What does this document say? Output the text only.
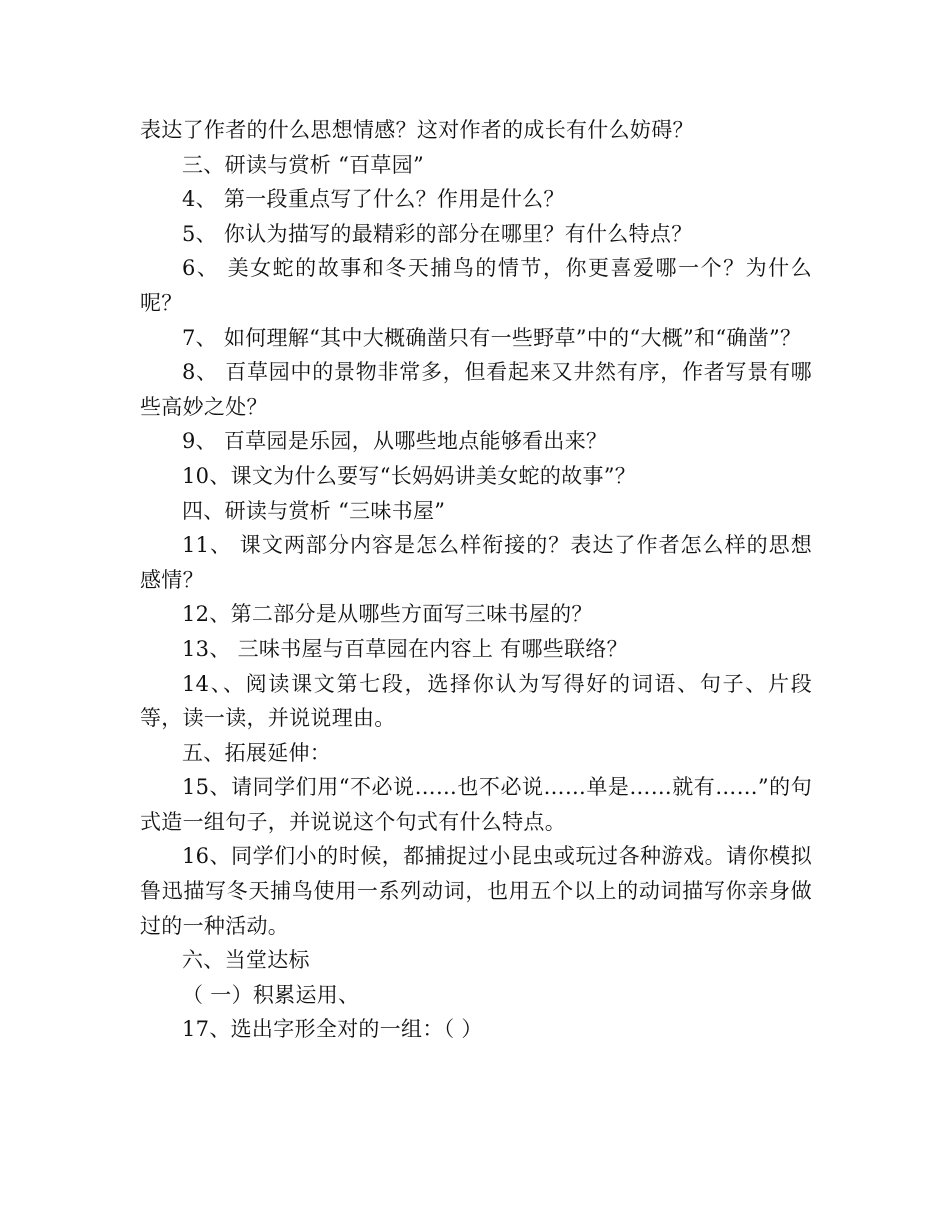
表达了作者的什么思想情感？这对作者的成长有什么妨碍？

三、研读与赏析 “百草园”

4、 第一段重点写了什么？作用是什么？

5、 你认为描写的最精彩的部分在哪里？有什么特点？

6、 美女蛇的故事和冬天捕鸟的情节，你更喜爱哪一个？为什么呢？

7、 如何理解“其中大概确凿只有一些野草”中的“大概”和“确凿”？

8、 百草园中的景物非常多，但看起来又井然有序，作者写景有哪些高妙之处？

9、 百草园是乐园，从哪些地点能够看出来？

10、课文为什么要写“长妈妈讲美女蛇的故事”？

四、研读与赏析 “三味书屋”

11、 课文两部分内容是怎么样衔接的？表达了作者怎么样的思想感情？

12、第二部分是从哪些方面写三味书屋的？

13、 三味书屋与百草园在内容上 有哪些联络？

14、、阅读课文第七段，选择你认为写得好的词语、句子、片段等，读一读，并说说理由。

五、拓展延伸：

15、请同学们用“不必说……也不必说……单是……就有……”的句式造一组句子，并说说这个句式有什么特点。

16、同学们小的时候，都捕捉过小昆虫或玩过各种游戏。请你模拟鲁迅描写冬天捕鸟使用一系列动词，也用五个以上的动词描写你亲身做过的一种活动。

六、当堂达标

（ 一）积累运用、

17、选出字形全对的一组：（ ）
